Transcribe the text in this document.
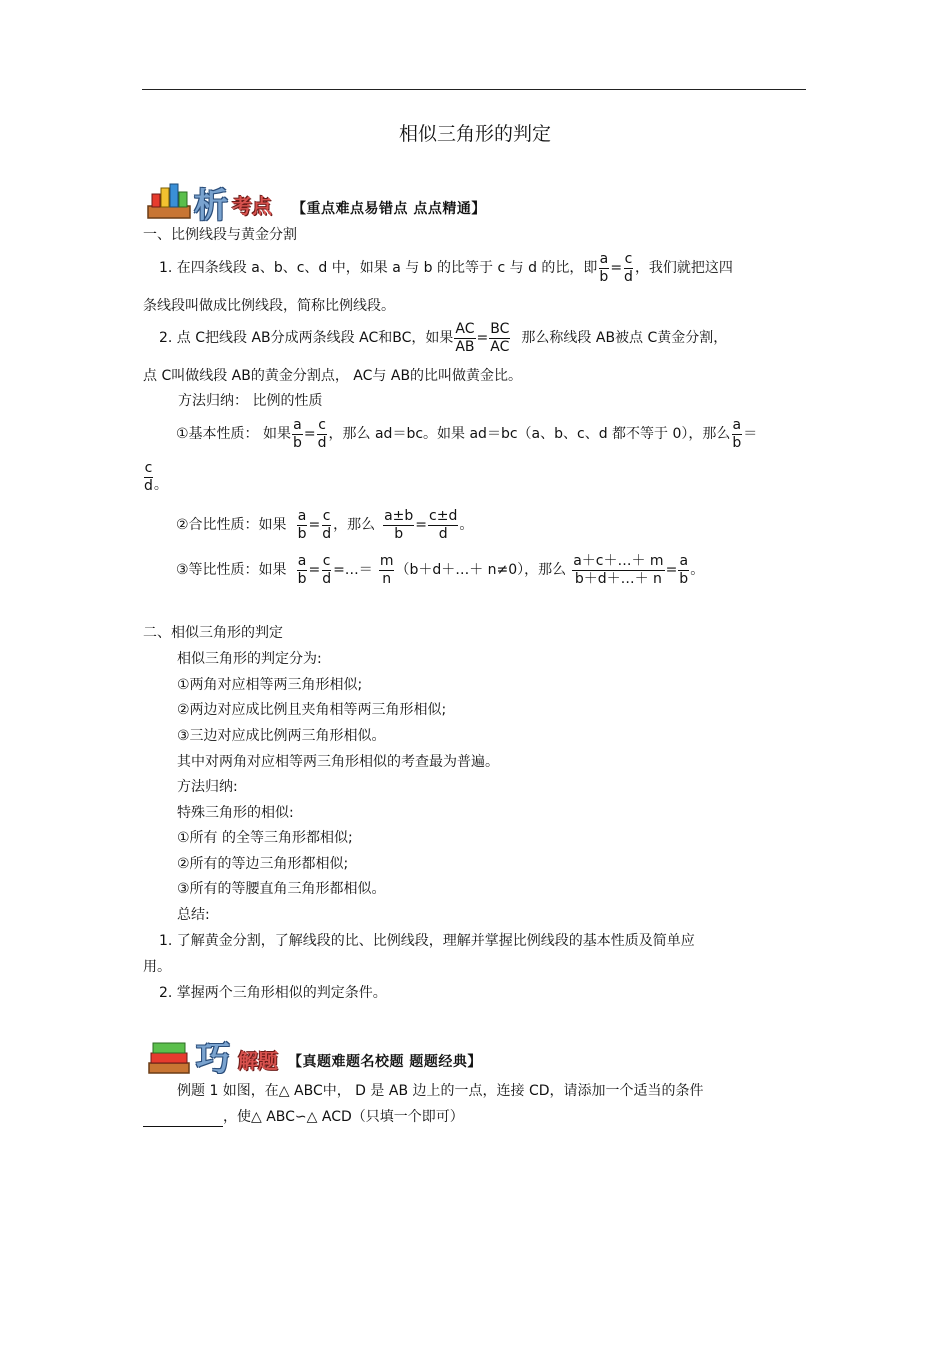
相似三角形的判定
析 考点 【重点难点易错点 点点精通】
一、比例线段与黄金分割
1. 在四条线段 a、b、c、d 中，如果 a 与 b 的比等于 c 与 d 的比，即 $\frac{a}{b} = \frac{c}{d}$ ，我们就把这四
条线段叫做成比例线段，简称比例线段。
2. 点 C把线段 AB分成两条线段 AC和BC，如果 $\frac{AC}{AB} = \frac{BC}{AC}$ 那么称线段 AB被点 C黄金分割，
点 C叫做线段 AB的黄金分割点， AC与 AB的比叫做黄金比。
方法归纳： 比例的性质
①基本性质： 如果 $\frac{a}{b} = \frac{c}{d}$ ，那么 ad＝bc。如果 ad＝bc（a、b、c、d 都不等于 0），那么 $\frac{a}{b}$ ＝
$\frac{c}{d}$ 。
②合比性质：如果 $\frac{a}{b} = \frac{c}{d}$ ，那么 $\frac{a\pm b}{b} = \frac{c\pm d}{d}$ 。
③等比性质：如果 $\frac{a}{b} = \frac{c}{d}$ =…＝ $\frac{m}{n}$ （b＋d＋…＋ n≠0），那么 $\frac{a+c+\dots+ m}{b+d+\dots+ n} = \frac{a}{b}$ 。
二、相似三角形的判定
相似三角形的判定分为:
①两角对应相等两三角形相似;
②两边对应成比例且夹角相等两三角形相似;
③三边对应成比例两三角形相似。
其中对两角对应相等两三角形相似的考查最为普遍。
方法归纳:
特殊三角形的相似:
①所有 的全等三角形都相似;
②所有的等边三角形都相似;
③所有的等腰直角三角形都相似。
总结:
1. 了解黄金分割，了解线段的比、比例线段，理解并掌握比例线段的基本性质及简单应
用。
2. 掌握两个三角形相似的判定条件。
巧 解题 【真题难题名校题 题题经典】
例题 1 如图，在△ ABC中， D 是 AB 边上的一点，连接 CD，请添加一个适当的条件
，使△ ABC∽△ ACD（只填一个即可）
